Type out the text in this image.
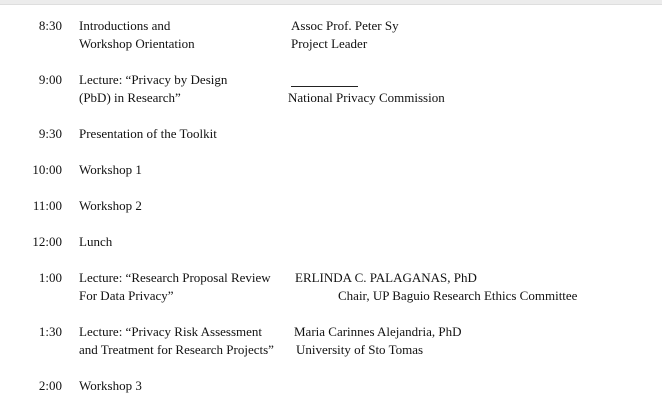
8:30 Introductions and
Workshop Orientation
Assoc Prof. Peter Sy
Project Leader
9:00 Lecture: “Privacy by Design
(PbD) in Research”	National Privacy Commission
9:30 Presentation of the Toolkit
10:00 Workshop 1
11:00 Workshop 2
12:00 Lunch
1:00 Lecture: “Research Proposal Review
For Data Privacy”
ERLINDA C. PALAGANAS, PhD
Chair, UP Baguio Research Ethics Committee
1:30 Lecture: “Privacy Risk Assessment
and Treatment for Research Projects”
Maria Carinnes Alejandria, PhD
University of Sto Tomas
2:00 Workshop 3
